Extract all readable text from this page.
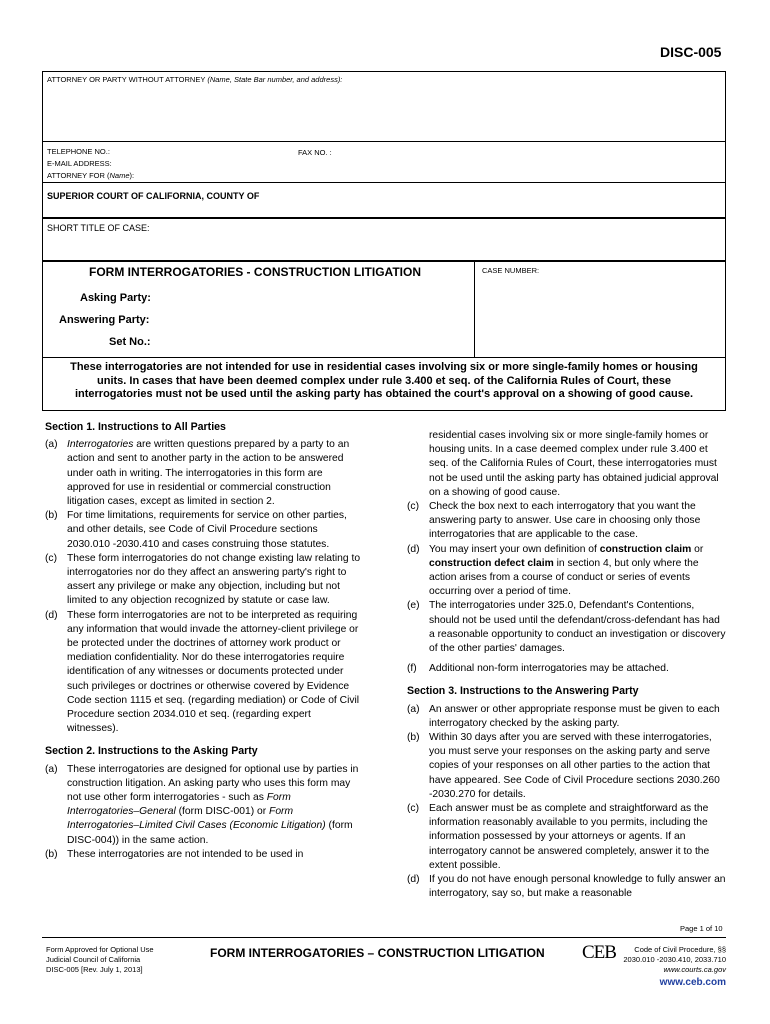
DISC-005
ATTORNEY OR PARTY WITHOUT ATTORNEY (Name, State Bar number, and address):
TELEPHONE NO.:	FAX NO. :
E-MAIL ADDRESS:
ATTORNEY FOR (Name):
SUPERIOR COURT OF CALIFORNIA, COUNTY OF
SHORT TITLE OF CASE:
FORM INTERROGATORIES - CONSTRUCTION LITIGATION	CASE NUMBER:
Asking Party:
Answering Party:
Set No.:
These interrogatories are not intended for use in residential cases involving six or more single-family homes or housing
units. In cases that have been deemed complex under rule 3.400 et seq. of the California Rules of Court, these
interrogatories must not be used until the asking party has obtained the court's approval on a showing of good cause.
Section 1. Instructions to All Parties
(a) Interrogatories are written questions prepared by a party to an action and sent to another party in the action to be answered under oath in writing. The interrogatories in this form are approved for use in residential or commercial construction litigation cases, except as limited in section 2.
(b) For time limitations, requirements for service on other parties, and other details, see Code of Civil Procedure sections 2030.010 -2030.410 and cases construing those statutes.
(c) These form interrogatories do not change existing law relating to interrogatories nor do they affect an answering party's right to assert any privilege or make any objection, including but not limited to any objection recognized by statute or case law.
(d) These form interrogatories are not to be interpreted as requiring any information that would invade the attorney-client privilege or be protected under the doctrines of attorney work product or mediation confidentiality. Nor do these interrogatories require identification of any witnesses or documents protected under such privileges or doctrines or otherwise covered by Evidence Code section 1115 et seq. (regarding mediation) or Code of Civil Procedure section 2034.010 et seq. (regarding expert witnesses).
Section 2. Instructions to the Asking Party
(a) These interrogatories are designed for optional use by parties in construction litigation. An asking party who uses this form may not use other form interrogatories - such as Form Interrogatories–General (form DISC-001) or Form Interrogatories–Limited Civil Cases (Economic Litigation) (form DISC-004)) in the same action.
(b) These interrogatories are not intended to be used in
residential cases involving six or more single-family homes or housing units. In a case deemed complex under rule 3.400 et seq. of the California Rules of Court, these interrogatories must not be used until the asking party has obtained judicial approval on a showing of good cause.
(c) Check the box next to each interrogatory that you want the answering party to answer. Use care in choosing only those interrogatories that are applicable to the case.
(d) You may insert your own definition of construction claim or construction defect claim in section 4, but only where the action arises from a course of conduct or series of events occurring over a period of time.
(e) The interrogatories under 325.0, Defendant's Contentions, should not be used until the defendant/cross-defendant has had a reasonable opportunity to conduct an investigation or discovery of the other parties' damages.
(f)	Additional non-form interrogatories may be attached.
Section 3. Instructions to the Answering Party
(a) An answer or other appropriate response must be given to each interrogatory checked by the asking party.
(b) Within 30 days after you are served with these interrogatories, you must serve your responses on the asking party and serve copies of your responses on all other parties to the action that have appeared. See Code of Civil Procedure sections 2030.260 -2030.270 for details.
(c) Each answer must be as complete and straightforward as the information reasonably available to you permits, including the information possessed by your attorneys or agents. If an interrogatory cannot be answered completely, answer it to the extent possible.
(d) If you do not have enough personal knowledge to fully answer an interrogatory, say so, but make a reasonable
Page 1 of 10
Form Approved for Optional Use
Judicial Council of California
DISC-005 [Rev. July 1, 2013]
FORM INTERROGATORIES – CONSTRUCTION LITIGATION CEB	Code of Civil Procedure, §§
2030.010 -2030.410, 2033.710
www.courts.ca.gov
www.ceb.com
